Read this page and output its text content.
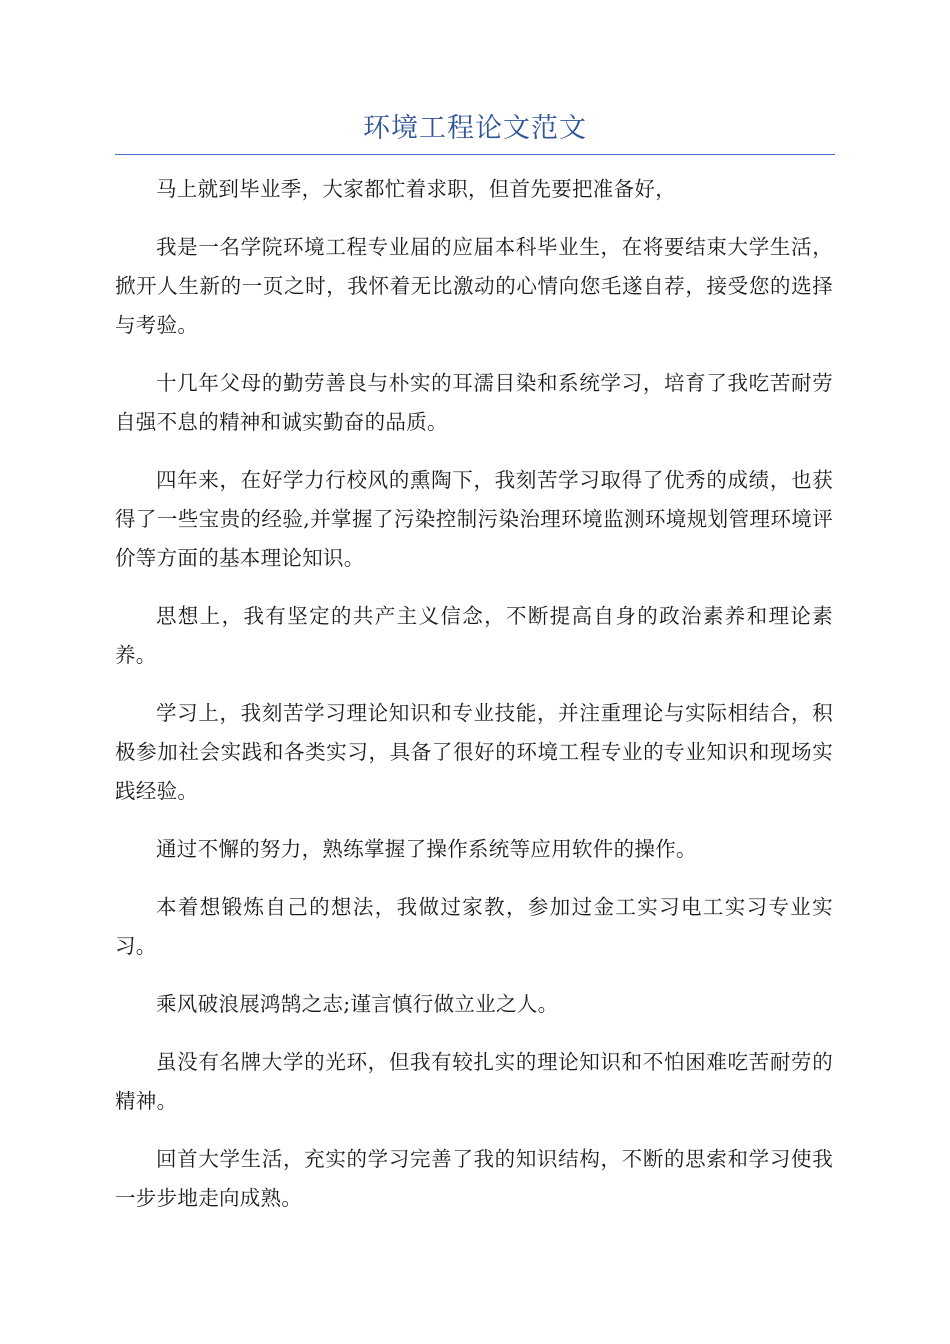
环境工程论文范文

马上就到毕业季，大家都忙着求职，但首先要把准备好，

我是一名学院环境工程专业届的应届本科毕业生，在将要结束大学生活，掀开人生新的一页之时，我怀着无比激动的心情向您毛遂自荐，接受您的选择与考验。

十几年父母的勤劳善良与朴实的耳濡目染和系统学习，培育了我吃苦耐劳自强不息的精神和诚实勤奋的品质。

四年来，在好学力行校风的熏陶下，我刻苦学习取得了优秀的成绩，也获得了一些宝贵的经验,并掌握了污染控制污染治理环境监测环境规划管理环境评价等方面的基本理论知识。

思想上，我有坚定的共产主义信念，不断提高自身的政治素养和理论素养。

学习上，我刻苦学习理论知识和专业技能，并注重理论与实际相结合，积极参加社会实践和各类实习，具备了很好的环境工程专业的专业知识和现场实践经验。

通过不懈的努力，熟练掌握了操作系统等应用软件的操作。

本着想锻炼自己的想法，我做过家教，参加过金工实习电工实习专业实习。

乘风破浪展鸿鹄之志;谨言慎行做立业之人。

虽没有名牌大学的光环，但我有较扎实的理论知识和不怕困难吃苦耐劳的精神。

回首大学生活，充实的学习完善了我的知识结构，不断的思索和学习使我一步步地走向成熟。
